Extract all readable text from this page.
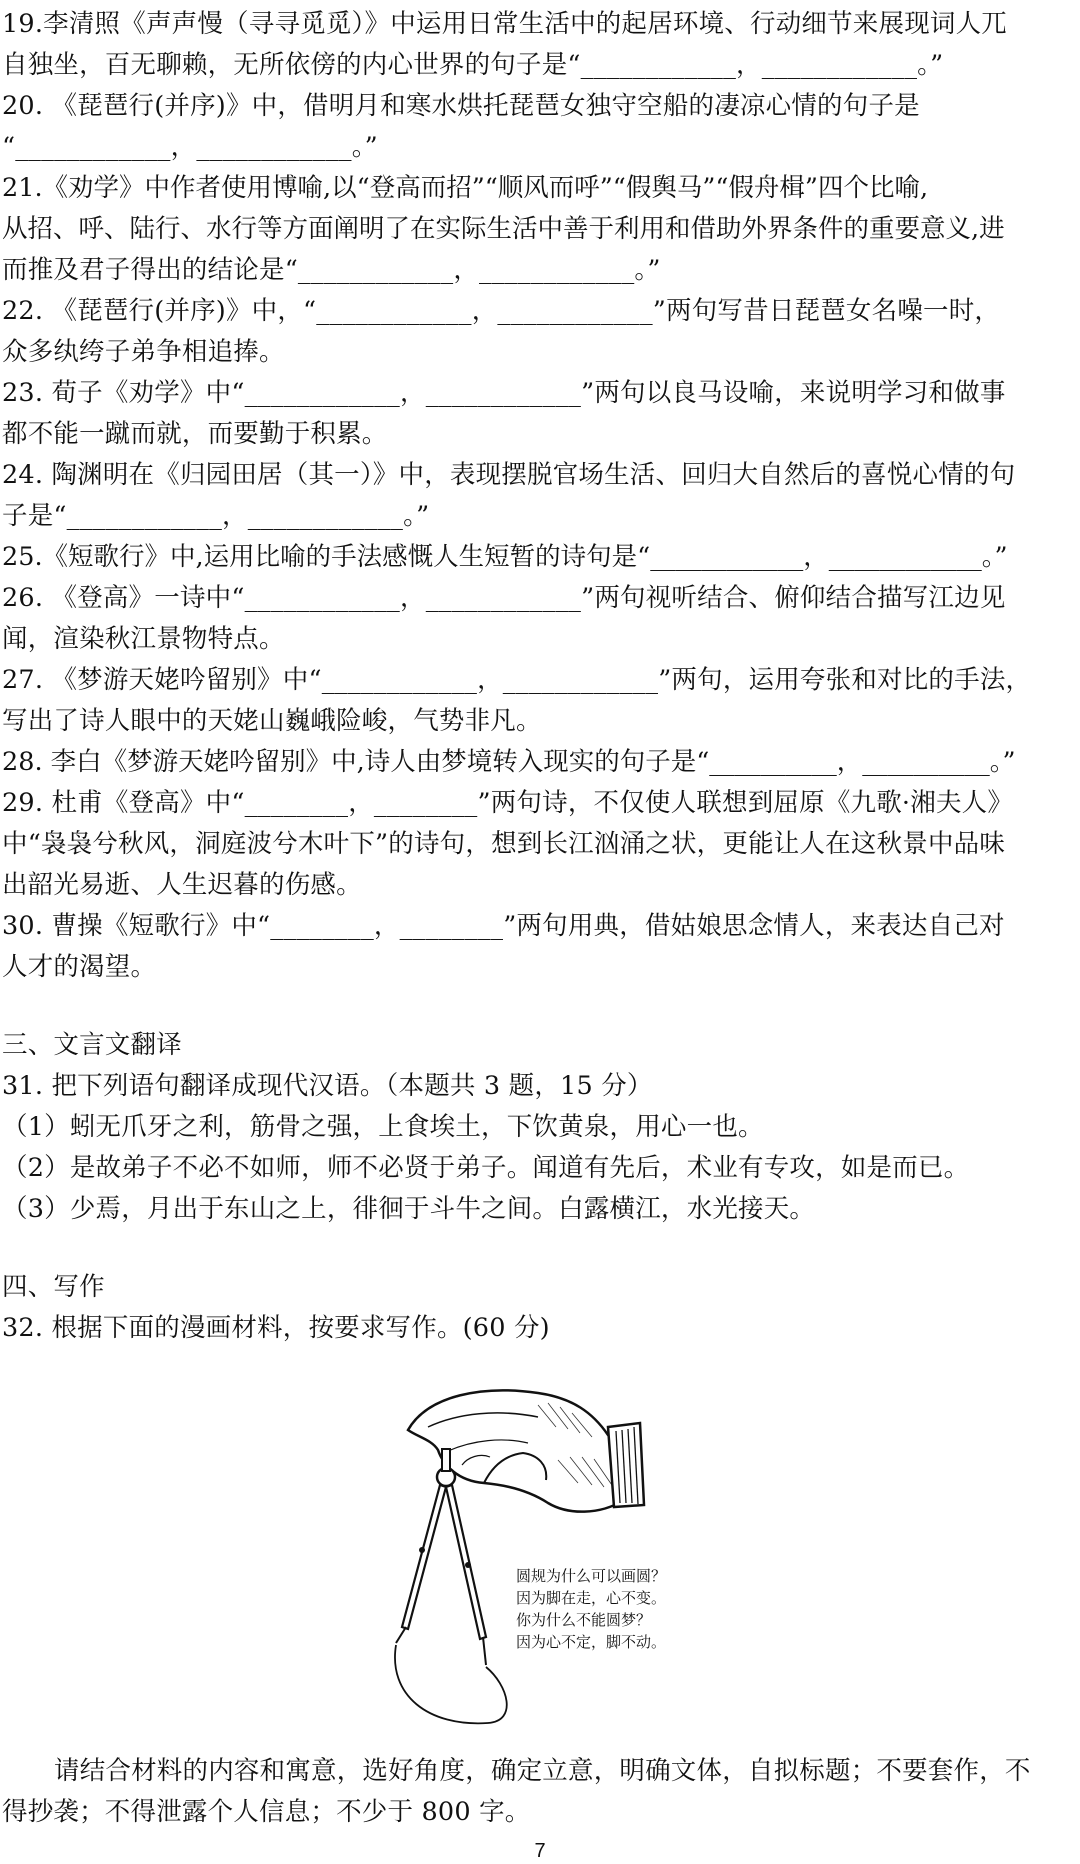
19.李清照《声声慢（寻寻觅觅）》中运用日常生活中的起居环境、行动细节来展现词人兀
自独坐，百无聊赖，无所依傍的内心世界的句子是“____________，____________。”
20. 《琵琶行(并序)》中，借明月和寒水烘托琵琶女独守空船的凄凉心情的句子是
“____________，____________。”
21.《劝学》中作者使用博喻,以“登高而招”“顺风而呼”“假舆马”“假舟楫”四个比喻,
从招、呼、陆行、水行等方面阐明了在实际生活中善于利用和借助外界条件的重要意义,进
而推及君子得出的结论是“____________，____________。”
22. 《琵琶行(并序)》中，“____________，____________”两句写昔日琵琶女名噪一时，
众多纨绔子弟争相追捧。
23. 荀子《劝学》中“____________，____________”两句以良马设喻，来说明学习和做事
都不能一蹴而就，而要勤于积累。
24. 陶渊明在《归园田居（其一）》中，表现摆脱官场生活、回归大自然后的喜悦心情的句
子是“____________，____________。”
25.《短歌行》中,运用比喻的手法感慨人生短暂的诗句是“____________，____________。”
26. 《登高》一诗中“____________，____________”两句视听结合、俯仰结合描写江边见
闻，渲染秋江景物特点。
27. 《梦游天姥吟留别》中“____________，____________”两句，运用夸张和对比的手法，
写出了诗人眼中的天姥山巍峨险峻，气势非凡。
28. 李白《梦游天姥吟留别》中,诗人由梦境转入现实的句子是“__________，__________。”
29. 杜甫《登高》中“________，________”两句诗，不仅使人联想到屈原《九歌·湘夫人》
中“袅袅兮秋风，洞庭波兮木叶下”的诗句，想到长江汹涌之状，更能让人在这秋景中品味
出韶光易逝、人生迟暮的伤感。
30. 曹操《短歌行》中“________，________”两句用典，借姑娘思念情人，来表达自己对
人才的渴望。
三、文言文翻译
31. 把下列语句翻译成现代汉语。（本题共 3 题，15 分）
（1）蚓无爪牙之利，筋骨之强，上食埃土，下饮黄泉，用心一也。
（2）是故弟子不必不如师，师不必贤于弟子。闻道有先后，术业有专攻，如是而已。
（3）少焉，月出于东山之上，徘徊于斗牛之间。白露横江，水光接天。
四、写作
32. 根据下面的漫画材料，按要求写作。(60 分)
圆规为什么可以画圆？
因为脚在走，心不变。
你为什么不能圆梦？
因为心不定，脚不动。
请结合材料的内容和寓意，选好角度，确定立意，明确文体，自拟标题；不要套作，不
得抄袭；不得泄露个人信息；不少于 800 字。
7
